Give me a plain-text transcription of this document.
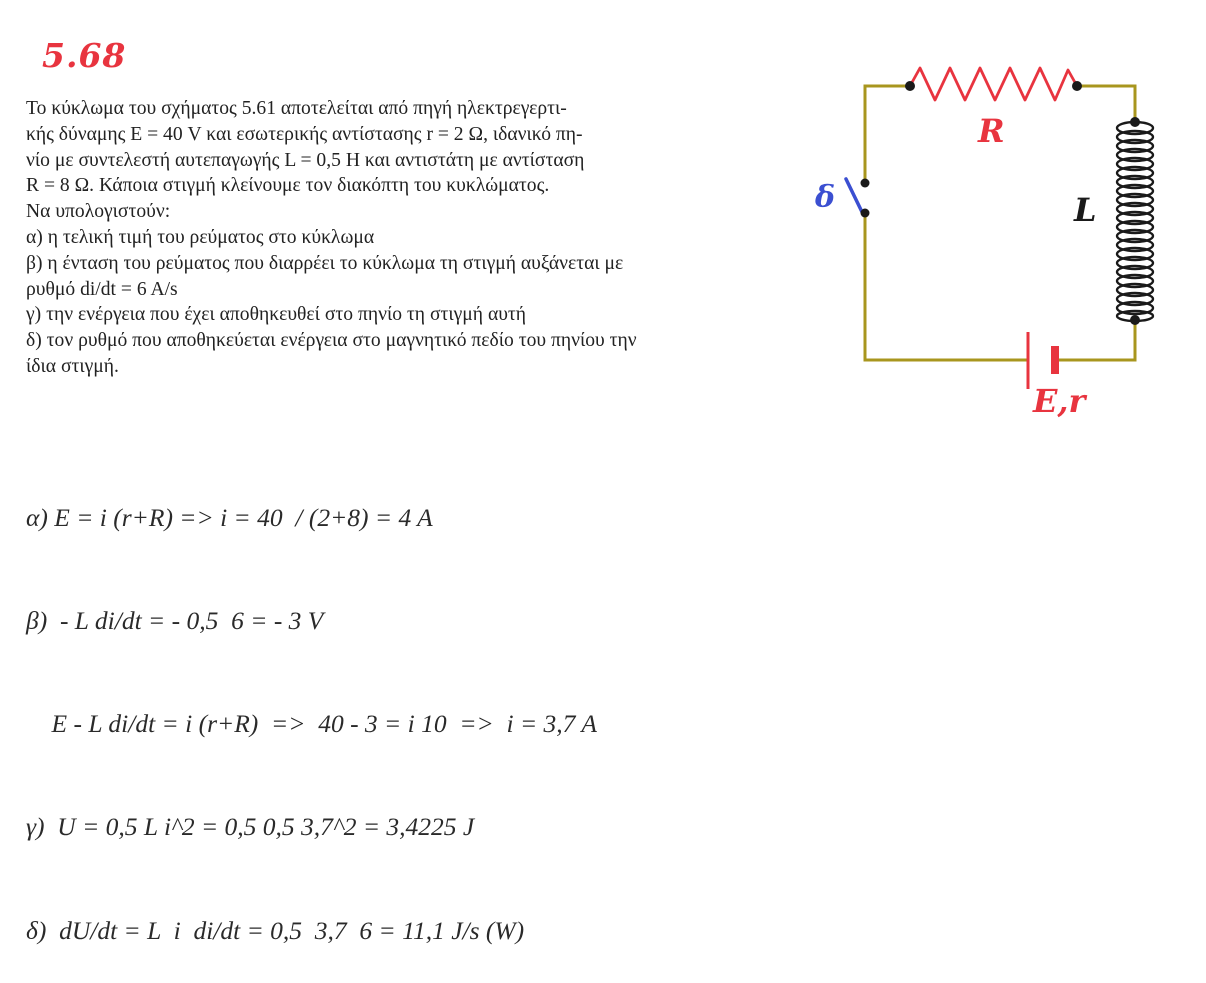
5.68
Το κύκλωμα του σχήματος 5.61 αποτελείται από πηγή ηλεκτρεγερτι-
κής δύναμης Ε = 40 V και εσωτερικής αντίστασης r = 2 Ω, ιδανικό πη-
νίο με συντελεστή αυτεπαγωγής L = 0,5 H και αντιστάτη με αντίσταση
R = 8 Ω. Κάποια στιγμή κλείνουμε τον διακόπτη του κυκλώματος.
Να υπολογιστούν:
α) η τελική τιμή του ρεύματος στο κύκλωμα
β) η ένταση του ρεύματος που διαρρέει το κύκλωμα τη στιγμή αυξάνεται με
ρυθμό di/dt = 6 A/s
γ) την ενέργεια που έχει αποθηκευθεί στο πηνίο τη στιγμή αυτή
δ) τον ρυθμό που αποθηκεύεται ενέργεια στο μαγνητικό πεδίο του πηνίου την
ίδια στιγμή.

α) E = i (r+R) => i = 40  / (2+8) = 4 A

β)  - L di/dt = - 0,5  6 = - 3 V

E - L di/dt = i (r+R)  =>  40 - 3 = i 10  =>  i = 3,7 A

γ)  U = 0,5 L i^2 = 0,5 0,5 3,7^2 = 3,4225 J

δ)  dU/dt = L  i  di/dt = 0,5  3,7  6 = 11,1 J/s (W)

R
L
δ
E,r
